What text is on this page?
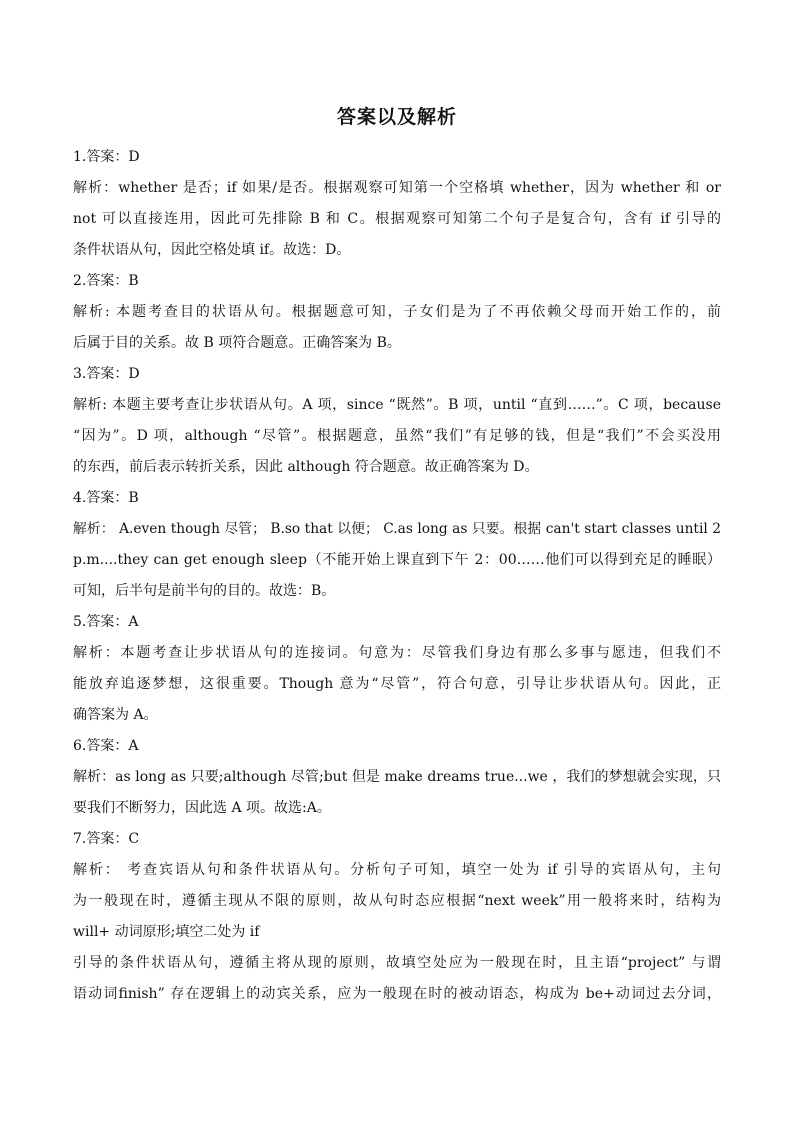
答案以及解析
1.答案：D
解析：whether 是否；if 如果/是否。根据观察可知第一个空格填 whether，因为 whether 和 or
not 可以直接连用，因此可先排除 B 和 C。根据观察可知第二个句子是复合句，含有 if 引导的
条件状语从句，因此空格处填 if。故选：D。
2.答案：B
解析: 本题考查目的状语从句。根据题意可知，子女们是为了不再依赖父母而开始工作的，前
后属于目的关系。故 B 项符合题意。正确答案为 B。
3.答案：D
解析: 本题主要考查让步状语从句。A 项，since “既然”。B 项，until “直到……”。C 项，because
“因为”。D 项，although “尽管”。根据题意，虽然“我们”有足够的钱，但是“我们”不会买没用
的东西，前后表示转折关系，因此 although 符合题意。故正确答案为 D。
4.答案：B
解析： A.even though 尽管； B.so that 以便； C.as long as 只要。根据 can't start classes until 2
p.m....they can get enough sleep（不能开始上课直到下午 2：00……他们可以得到充足的睡眠）
可知，后半句是前半句的目的。故选：B。
5.答案：A
解析：本题考查让步状语从句的连接词。句意为：尽管我们身边有那么多事与愿违，但我们不
能放弃追逐梦想，这很重要。Though 意为“尽管”，符合句意，引导让步状语从句。因此，正
确答案为 A。
6.答案：A
解析：as long as 只要;although 尽管;but 但是 make dreams true...we ，我们的梦想就会实现，只
要我们不断努力，因此选 A 项。故选:A。
7.答案：C
解析： 考查宾语从句和条件状语从句。分析句子可知，填空一处为 if 引导的宾语从句，主句
为一般现在时，遵循主现从不限的原则，故从句时态应根据“next week”用一般将来时，结构为
will+ 动词原形;填空二处为 if
引导的条件状语从句，遵循主将从现的原则，故填空处应为一般现在时，且主语“project” 与谓
语动词finish” 存在逻辑上的动宾关系，应为一般现在时的被动语态，构成为 be+动词过去分词，
